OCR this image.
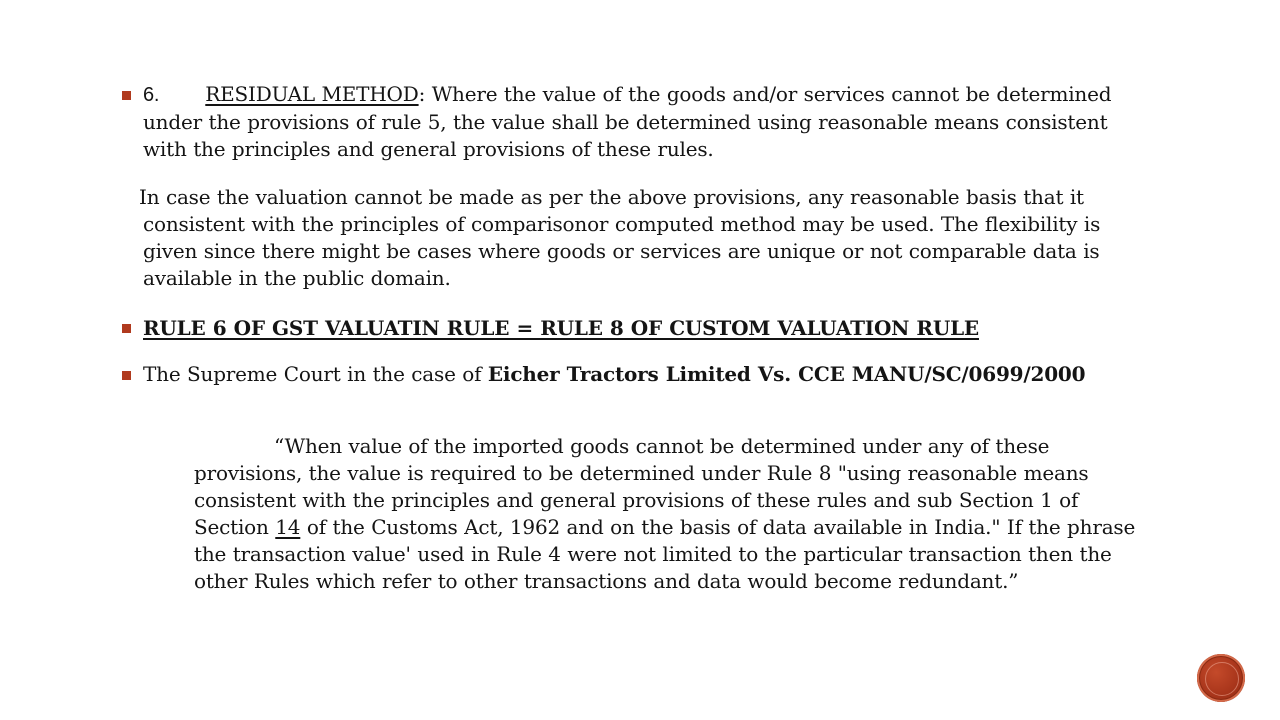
6. RESIDUAL METHOD: Where the value of the goods and/or services cannot be determined under the provisions of rule 5, the value shall be determined using reasonable means consistent with the principles and general provisions of these rules.
In case the valuation cannot be made as per the above provisions, any reasonable basis that it consistent with the principles of comparisonor computed method may be used. The flexibility is given since there might be cases where goods or services are unique or not comparable data is available in the public domain.
RULE 6 OF GST VALUATIN RULE = RULE 8 OF CUSTOM VALUATION RULE
The Supreme Court in the case of Eicher Tractors Limited Vs. CCE MANU/SC/0699/2000
“When value of the imported goods cannot be determined under any of these provisions, the value is required to be determined under Rule 8 "using reasonable means consistent with the principles and general provisions of these rules and sub Section 1 of Section 14 of the Customs Act, 1962 and on the basis of data available in India." If the phrase the transaction value' used in Rule 4 were not limited to the particular transaction then the other Rules which refer to other transactions and data would become redundant.”
